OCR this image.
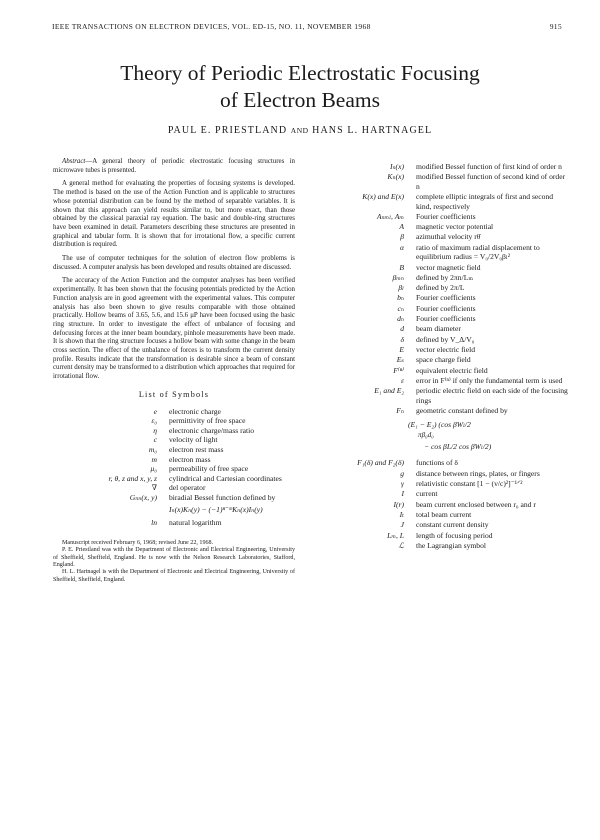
IEEE TRANSACTIONS ON ELECTRON DEVICES, VOL. ED-15, NO. 11, NOVEMBER 1968	915
Theory of Periodic Electrostatic Focusing
of Electron Beams
PAUL E. PRIESTLAND AND HANS L. HARTNAGEL

Abstract—A general theory of periodic electrostatic focusing structures in microwave tubes is presented.

A general method for evaluating the properties of focusing systems is developed. The method is based on the use of the Action Function and is applicable to structures whose potential distribution can be found by the method of separable variables. It is shown that this approach can yield results similar to, but more exact, than those obtained by the classical paraxial ray equation. The basic and double-ring structures have been examined in detail. Parameters describing these structures are presented in graphical and tabular form. It is shown that for irrotational flow, a specific current distribution is required.

The use of computer techniques for the solution of electron flow problems is discussed. A computer analysis has been developed and results obtained are discussed.

The accuracy of the Action Function and the computer analyses has been verified experimentally. It has been shown that the focusing potentials predicted by the Action Function analysis are in good agreement with the experimental values. This computer analysis has also been shown to give results comparable with those obtained practically. Hollow beams of 3.65, 5.6, and 15.6 μP have been focused using the basic ring structure. In order to investigate the effect of unbalance of focusing and defocusing forces at the inner beam boundary, pinhole measurements have been made. It is shown that the ring structure focuses a hollow beam with some change in the beam cross section. The effect of the unbalance of forces is to transform the current density profile. Results indicate that the transformation is desirable since a beam of constant current density may be transformed to a distribution which approaches that required for irrotational flow.

List of Symbols
e	electronic charge
ε₀	permittivity of free space
η	electronic charge/mass ratio
c	velocity of light
m₀	electron rest mass
m	electron mass
μ₀	permeability of free space
r, θ, z and x, y, z	cylindrical and Cartesian coordinates
∇	del operator
Gₙₙ(x, y)	biradial Bessel function defined by
Iₙ(x)Kₙ(y) − (−1)ⁿ⁻ᵐKₙ(x)Iₙ(y)
ln	natural logarithm

Manuscript received February 6, 1968; revised June 22, 1968.

P. E. Priestland was with the Department of Electronic and Electrical Engineering, University of Sheffield, Sheffield, England. He is now with the Nelson Research Laboratories, Stafford, England.

H. L. Hartnagel is with the Department of Electronic and Electrical Engineering, University of Sheffield, Sheffield, England.

Iₙ(x)	modified Bessel function of first kind of order n
Kₙ(x)	modified Bessel function of second kind of order n
K(x) and E(x)	complete elliptic integrals of first and second kind, respectively
Aₙₘₗ, Aₘ	Fourier coefficients
A	magnetic vector potential
β	azimuthal velocity rθ̇
α	ratio of maximum radial displacement to equilibrium radius = V₀/2V₀βₗ²
B	vector magnetic field
βₘₙ	defined by 2πn/Lₘ
βₗ	defined by 2π/L
bₙ	Fourier coefficients
cₙ	Fourier coefficients
dₙ	Fourier coefficients
d	beam diameter
δ	defined by V_Δ/V₀
E	vector electric field
Eₛ	space charge field
F⁽ⁿ⁾	equivalent electric field
ε	error in F⁽ⁿ⁾ if only the fundamental term is used
E₁ and E₂	periodic electric field on each side of the focusing rings
Fₙ	geometric constant defined by
(E₁ − E₂) (cos βWₗ/2
πβ₀d₀
− cos βL/2 cos βWₗ/2)
F₁(δ) and F₂(δ)	functions of δ
g	distance between rings, plates, or fingers
γ	relativistic constant [1 − (v/c)²]⁻¹ᐟ²
I	current
I(r)	beam current enclosed between r₀ and r
Iₜ	total beam current
J	constant current density
Lₘ, L	length of focusing period
ℒ	the Lagrangian symbol
